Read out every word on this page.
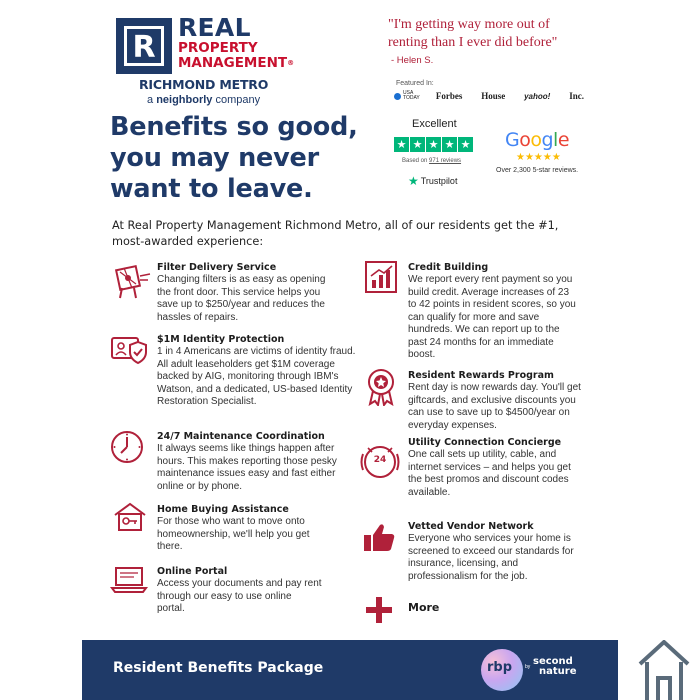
R
REAL
PROPERTY
MANAGEMENT®
RICHMOND METRO
a neighborly company
"I'm getting way more out of renting than I ever did before"
- Helen S.
Featured In:
USA TODAY Forbes House yahoo! Inc.
Benefits so good,
you may never
want to leave.
Excellent
★ ★ ★ ★ ★
Based on 971 reviews
★ Trustpilot
Google
★★★★★
Over 2,300 5-star reviews.
At Real Property Management Richmond Metro, all of our residents get the #1, most-awarded experience:
Filter Delivery Service
Changing filters is as easy as opening the front door. This service helps you save up to $250/year and reduces the hassles of repairs.
$1M Identity Protection
1 in 4 Americans are victims of identity fraud. All adult leaseholders get $1M coverage backed by AIG, monitoring through IBM's Watson, and a dedicated, US-based Identity Restoration Specialist.
24/7 Maintenance Coordination
It always seems like things happen after hours. This makes reporting those pesky maintenance issues easy and fast either online or by phone.
Home Buying Assistance
For those who want to move onto homeownership, we'll help you get there.
Online Portal
Access your documents and pay rent through our easy to use online portal.
Credit Building
We report every rent payment so you build credit. Average increases of 23 to 42 points in resident scores, so you can qualify for more and save hundreds. We can report up to the past 24 months for an immediate boost.
Resident Rewards Program
Rent day is now rewards day. You'll get giftcards, and exclusive discounts you can use to save up to $4500/year on everyday expenses.
24
Utility Connection Concierge
One call sets up utility, cable, and internet services – and helps you get the best promos and discount codes available.
Vetted Vendor Network
Everyone who services your home is screened to exceed our standards for insurance, licensing, and professionalism for the job.
More
Resident Benefits Package	rbp	by second
nature
